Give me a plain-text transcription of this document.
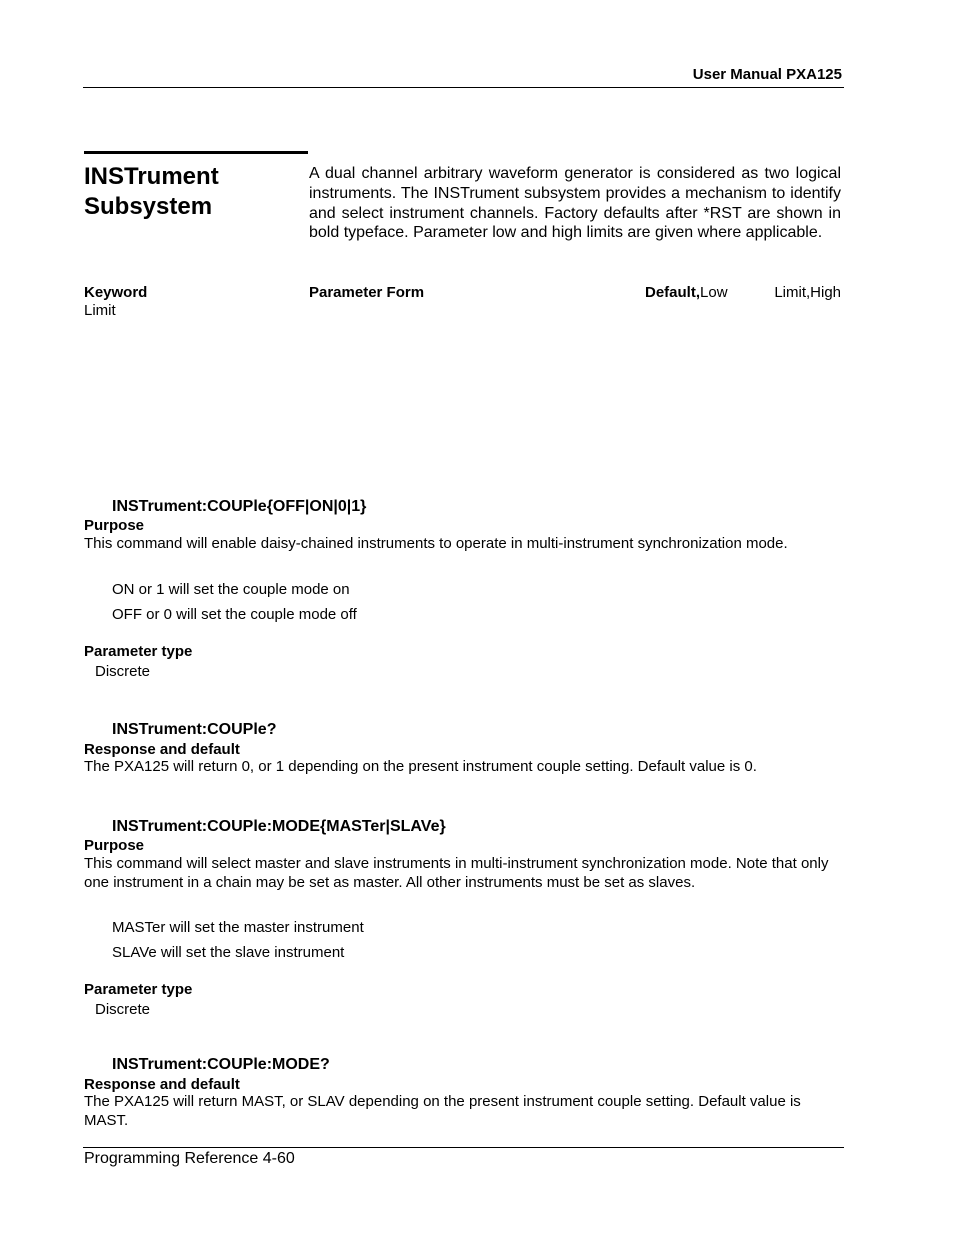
User Manual PXA125
INSTrument
Subsystem
A dual channel arbitrary waveform generator is considered as two logical instruments. The INSTrument subsystem provides a mechanism to identify and select instrument channels. Factory defaults after *RST are shown in bold typeface. Parameter low and high limits are given where applicable.
Keyword	Parameter Form	Default,Low	Limit,High
Limit
INSTrument:COUPle{OFF|ON|0|1}
Purpose
This command will enable daisy-chained instruments to operate in multi-instrument synchronization mode.
ON or 1 will set the couple mode on
OFF or 0 will set the couple mode off
Parameter type
Discrete
INSTrument:COUPle?
Response and default
The PXA125 will return 0, or 1 depending on the present instrument couple setting. Default value is 0.
INSTrument:COUPle:MODE{MASTer|SLAVe}
Purpose
This command will select master and slave instruments in multi-instrument synchronization mode. Note that only one instrument in a chain may be set as master. All other instruments must be set as slaves.
MASTer will set the master instrument
SLAVe will set the slave instrument
Parameter type
Discrete
INSTrument:COUPle:MODE?
Response and default
The PXA125 will return MAST, or SLAV depending on the present instrument couple setting. Default value is MAST.
Programming Reference 4-60
